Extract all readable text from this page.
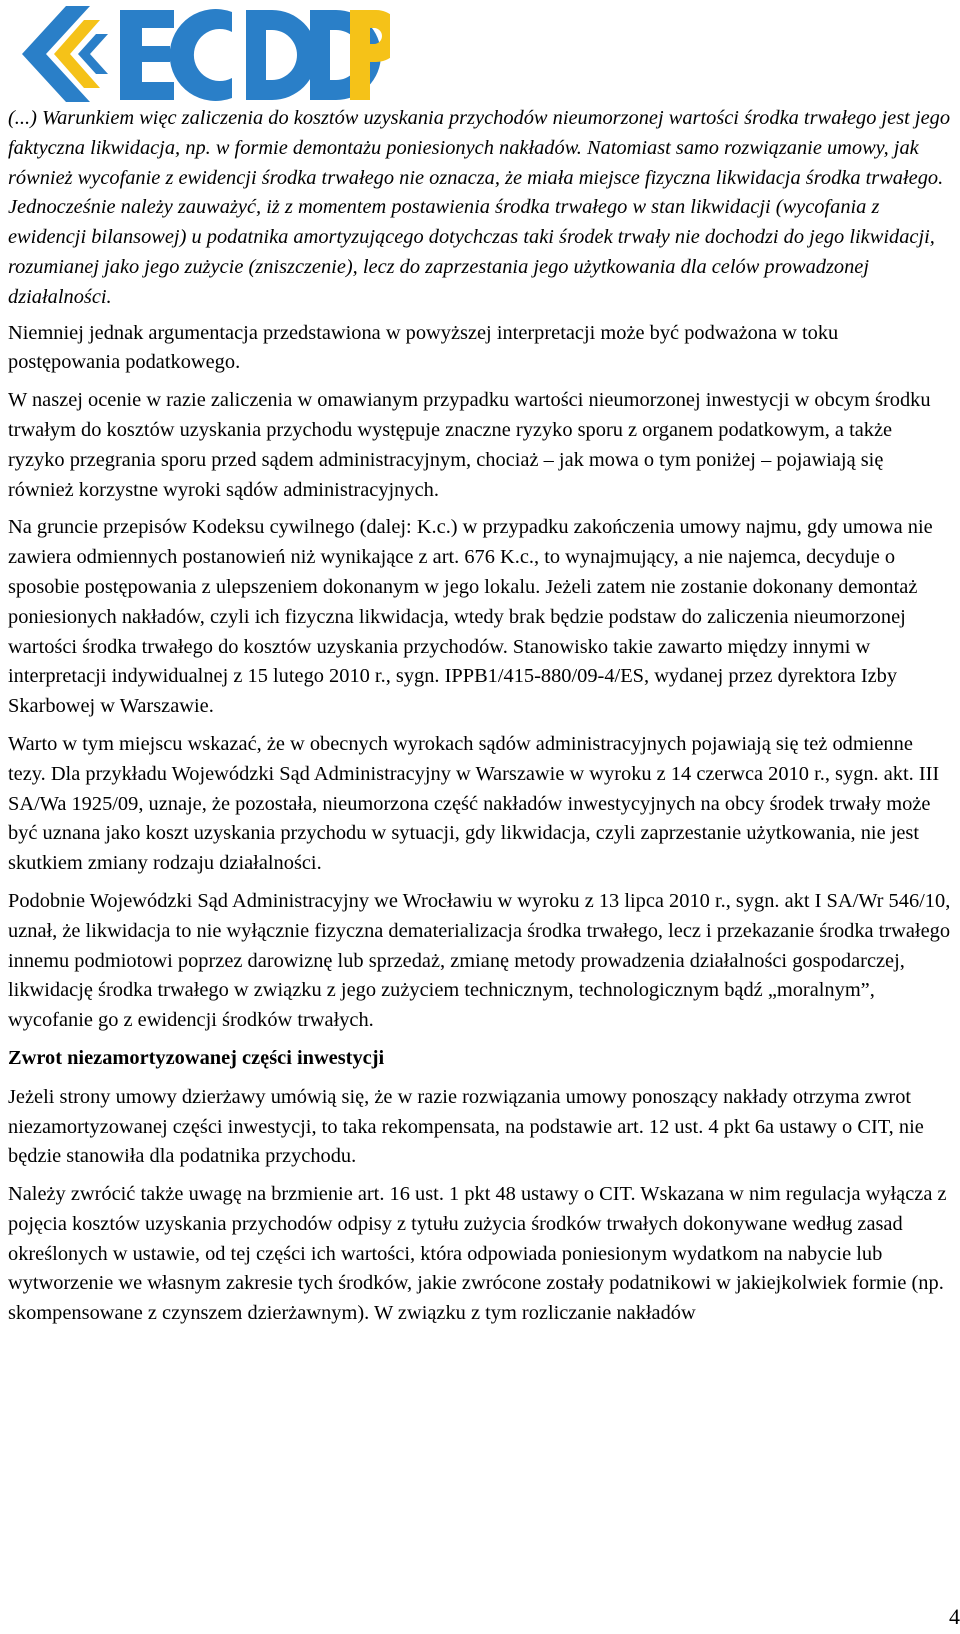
(...) Warunkiem więc zaliczenia do kosztów uzyskania przychodów nieumorzonej wartości środka trwałego jest jego faktyczna likwidacja, np. w formie demontażu poniesionych nakładów. Natomiast samo rozwiązanie umowy, jak również wycofanie z ewidencji środka trwałego nie oznacza, że miała miejsce fizyczna likwidacja środka trwałego. Jednocześnie należy zauważyć, iż z momentem postawienia środka trwałego w stan likwidacji (wycofania z ewidencji bilansowej) u podatnika amortyzującego dotychczas taki środek trwały nie dochodzi do jego likwidacji, rozumianej jako jego zużycie (zniszczenie), lecz do zaprzestania jego użytkowania dla celów prowadzonej działalności.

Niemniej jednak argumentacja przedstawiona w powyższej interpretacji może być podważona w toku postępowania podatkowego.

W naszej ocenie w razie zaliczenia w omawianym przypadku wartości nieumorzonej inwestycji w obcym środku trwałym do kosztów uzyskania przychodu występuje znaczne ryzyko sporu z organem podatkowym, a także ryzyko przegrania sporu przed sądem administracyjnym, chociaż – jak mowa o tym poniżej – pojawiają się również korzystne wyroki sądów administracyjnych.

Na gruncie przepisów Kodeksu cywilnego (dalej: K.c.) w przypadku zakończenia umowy najmu, gdy umowa nie zawiera odmiennych postanowień niż wynikające z art. 676 K.c., to wynajmujący, a nie najemca, decyduje o sposobie postępowania z ulepszeniem dokonanym w jego lokalu. Jeżeli zatem nie zostanie dokonany demontaż poniesionych nakładów, czyli ich fizyczna likwidacja, wtedy brak będzie podstaw do zaliczenia nieumorzonej wartości środka trwałego do kosztów uzyskania przychodów. Stanowisko takie zawarto między innymi w interpretacji indywidualnej z 15 lutego 2010 r., sygn. IPPB1/415-880/09-4/ES, wydanej przez dyrektora Izby Skarbowej w Warszawie.

Warto w tym miejscu wskazać, że w obecnych wyrokach sądów administracyjnych pojawiają się też odmienne tezy. Dla przykładu Wojewódzki Sąd Administracyjny w Warszawie w wyroku z 14 czerwca 2010 r., sygn. akt. III SA/Wa 1925/09, uznaje, że pozostała, nieumorzona część nakładów inwestycyjnych na obcy środek trwały może być uznana jako koszt uzyskania przychodu w sytuacji, gdy likwidacja, czyli zaprzestanie użytkowania, nie jest skutkiem zmiany rodzaju działalności.

Podobnie Wojewódzki Sąd Administracyjny we Wrocławiu w wyroku z 13 lipca 2010 r., sygn. akt I SA/Wr 546/10, uznał, że likwidacja to nie wyłącznie fizyczna dematerializacja środka trwałego, lecz i przekazanie środka trwałego innemu podmiotowi poprzez darowiznę lub sprzedaż, zmianę metody prowadzenia działalności gospodarczej, likwidację środka trwałego w związku z jego zużyciem technicznym, technologicznym bądź „moralnym”, wycofanie go z ewidencji środków trwałych.

Zwrot niezamortyzowanej części inwestycji

Jeżeli strony umowy dzierżawy umówią się, że w razie rozwiązania umowy ponoszący nakłady otrzyma zwrot niezamortyzowanej części inwestycji, to taka rekompensata, na podstawie art. 12 ust. 4 pkt 6a ustawy o CIT, nie będzie stanowiła dla podatnika przychodu.

Należy zwrócić także uwagę na brzmienie art. 16 ust. 1 pkt 48 ustawy o CIT. Wskazana w nim regulacja wyłącza z pojęcia kosztów uzyskania przychodów odpisy z tytułu zużycia środków trwałych dokonywane według zasad określonych w ustawie, od tej części ich wartości, która odpowiada poniesionym wydatkom na nabycie lub wytworzenie we własnym zakresie tych środków, jakie zwrócone zostały podatnikowi w jakiejkolwiek formie (np. skompensowane z czynszem dzierżawnym). W związku z tym rozliczanie nakładów

4
